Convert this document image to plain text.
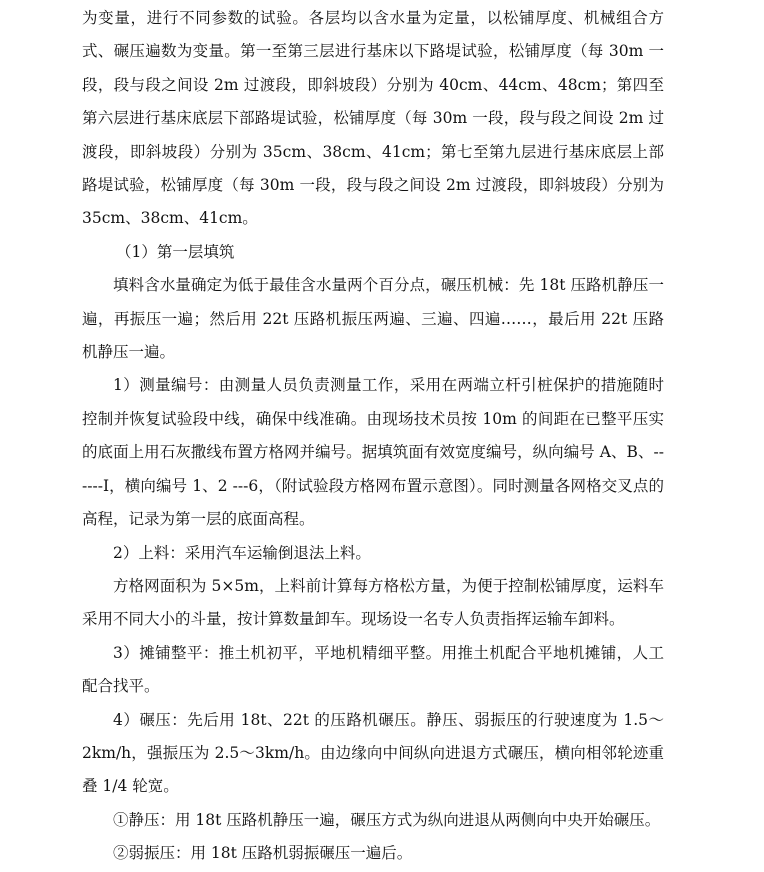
为变量，进行不同参数的试验。各层均以含水量为定量，以松铺厚度、机械组合方式、碾压遍数为变量。第一至第三层进行基床以下路堤试验，松铺厚度（每 30m 一段，段与段之间设 2m 过渡段，即斜坡段）分别为 40cm、44cm、48cm；第四至第六层进行基床底层下部路堤试验，松铺厚度（每 30m 一段，段与段之间设 2m 过渡段，即斜坡段）分别为 35cm、38cm、41cm；第七至第九层进行基床底层上部路堤试验，松铺厚度（每 30m 一段，段与段之间设 2m 过渡段，即斜坡段）分别为 35cm、38cm、41cm。

（1）第一层填筑

填料含水量确定为低于最佳含水量两个百分点，碾压机械：先 18t 压路机静压一遍，再振压一遍；然后用 22t 压路机振压两遍、三遍、四遍……，最后用 22t 压路机静压一遍。

1）测量编号：由测量人员负责测量工作，采用在两端立杆引桩保护的措施随时控制并恢复试验段中线，确保中线准确。由现场技术员按 10m 的间距在已整平压实的底面上用石灰撒线布置方格网并编号。据填筑面有效宽度编号，纵向编号 A、B、------I，横向编号 1、2 ---6，（附试验段方格网布置示意图）。同时测量各网格交叉点的高程，记录为第一层的底面高程。

2）上料：采用汽车运输倒退法上料。

方格网面积为 5×5m，上料前计算每方格松方量，为便于控制松铺厚度，运料车采用不同大小的斗量，按计算数量卸车。现场设一名专人负责指挥运输车卸料。

3）摊铺整平：推土机初平，平地机精细平整。用推土机配合平地机摊铺，人工配合找平。

4）碾压：先后用 18t、22t 的压路机碾压。静压、弱振压的行驶速度为 1.5～2km/h，强振压为 2.5～3km/h。由边缘向中间纵向进退方式碾压，横向相邻轮迹重叠 1/4 轮宽。

①静压：用 18t 压路机静压一遍，碾压方式为纵向进退从两侧向中央开始碾压。

②弱振压：用 18t 压路机弱振碾压一遍后。
